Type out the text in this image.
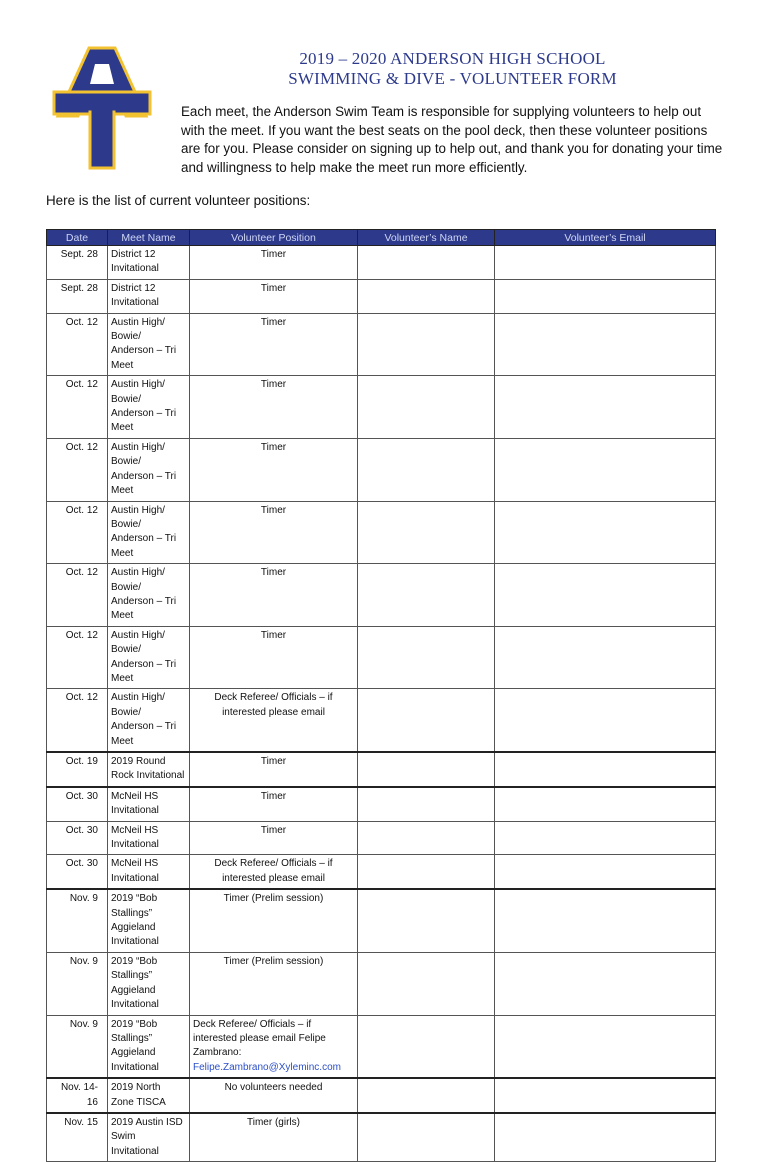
2019 – 2020 ANDERSON HIGH SCHOOL
SWIMMING & DIVE - VOLUNTEER FORM
Each meet, the Anderson Swim Team is responsible for supplying volunteers to help out with the meet. If you want the best seats on the pool deck, then these volunteer positions are for you. Please consider on signing up to help out, and thank you for donating your time and willingness to help make the meet run more efficiently.
Here is the list of current volunteer positions:
Date	Meet Name	Volunteer Position	Volunteer’s Name	Volunteer’s Email
Sept. 28	District 12 Invitational	Timer		
Sept. 28	District 12 Invitational	Timer		
Oct. 12	Austin High/ Bowie/ Anderson – Tri Meet	Timer		
Oct. 12	Austin High/ Bowie/ Anderson – Tri Meet	Timer		
Oct. 12	Austin High/ Bowie/ Anderson – Tri Meet	Timer		
Oct. 12	Austin High/ Bowie/ Anderson – Tri Meet	Timer		
Oct. 12	Austin High/ Bowie/ Anderson – Tri Meet	Timer		
Oct. 12	Austin High/ Bowie/ Anderson – Tri Meet	Timer		
Oct. 12	Austin High/ Bowie/ Anderson – Tri Meet	Deck Referee/ Officials – if interested please email		
Oct. 19	2019 Round Rock Invitational	Timer		
Oct. 30	McNeil HS Invitational	Timer		
Oct. 30	McNeil HS Invitational	Timer		
Oct. 30	McNeil HS Invitational	Deck Referee/ Officials – if interested please email		
Nov. 9	2019 “Bob Stallings” Aggieland Invitational	Timer (Prelim session)		
Nov. 9	2019 “Bob Stallings” Aggieland Invitational	Timer (Prelim session)		
Nov. 9	2019 “Bob Stallings” Aggieland Invitational	Deck Referee/ Officials – if interested please email Felipe Zambrano:
Felipe.Zambrano@Xyleminc.com		
Nov. 14-16	2019 North Zone TISCA	No volunteers needed		
Nov. 15	2019 Austin ISD Swim Invitational	Timer (girls)		
